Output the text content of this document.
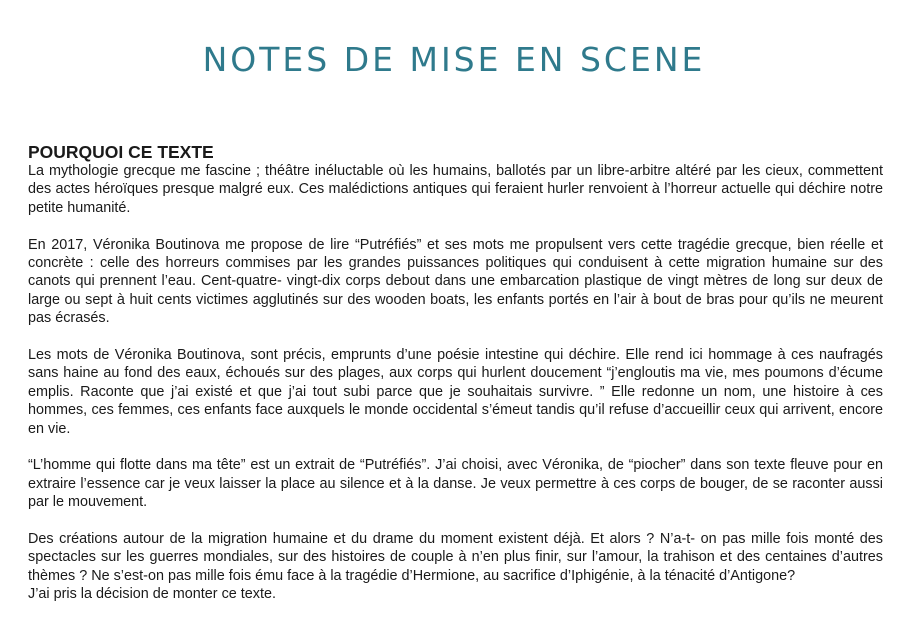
NOTES DE MISE EN SCENE
POURQUOI CE TEXTE

La mythologie grecque me fascine ; théâtre inéluctable où les humains, ballotés par un libre-arbitre altéré par les cieux, commettent des actes héroïques presque malgré eux. Ces malédictions antiques qui feraient hurler renvoient à l’horreur actuelle qui déchire notre petite humanité.

En 2017, Véronika Boutinova me propose de lire “Putréfiés” et ses mots me propulsent vers cette tragédie grecque, bien réelle et concrète : celle des horreurs commises par les grandes puissances politiques qui conduisent à cette migration humaine sur des canots qui prennent l’eau. Cent-quatre- vingt-dix corps debout dans une embarcation plastique de vingt mètres de long sur deux de large ou sept à huit cents victimes agglutinés sur des wooden boats, les enfants portés en l’air à bout de bras pour qu’ils ne meurent pas écrasés.

Les mots de Véronika Boutinova, sont précis, emprunts d’une poésie intestine qui déchire. Elle rend ici hommage à ces naufragés sans haine au fond des eaux, échoués sur des plages, aux corps qui hurlent doucement “j’engloutis ma vie, mes poumons d’écume emplis. Raconte que j’ai existé et que j’ai tout subi parce que je souhaitais survivre. ” Elle redonne un nom, une histoire à ces hommes, ces femmes, ces enfants face auxquels le monde occidental s’émeut tandis qu’il refuse d’accueillir ceux qui arrivent, encore en vie.

“L’homme qui flotte dans ma tête” est un extrait de “Putréfiés”. J’ai choisi, avec Véronika, de “piocher” dans son texte fleuve pour en extraire l’essence car je veux laisser la place au silence et à la danse. Je veux permettre à ces corps de bouger, de se raconter aussi par le mouvement.

Des créations autour de la migration humaine et du drame du moment existent déjà. Et alors ? N’a-t- on pas mille fois monté des spectacles sur les guerres mondiales, sur des histoires de couple à n’en plus finir, sur l’amour, la trahison et des centaines d’autres thèmes ? Ne s’est-on pas mille fois ému face à la tragédie d’Hermione, au sacrifice d’Iphigénie, à la ténacité d’Antigone?

J’ai pris la décision de monter ce texte.
